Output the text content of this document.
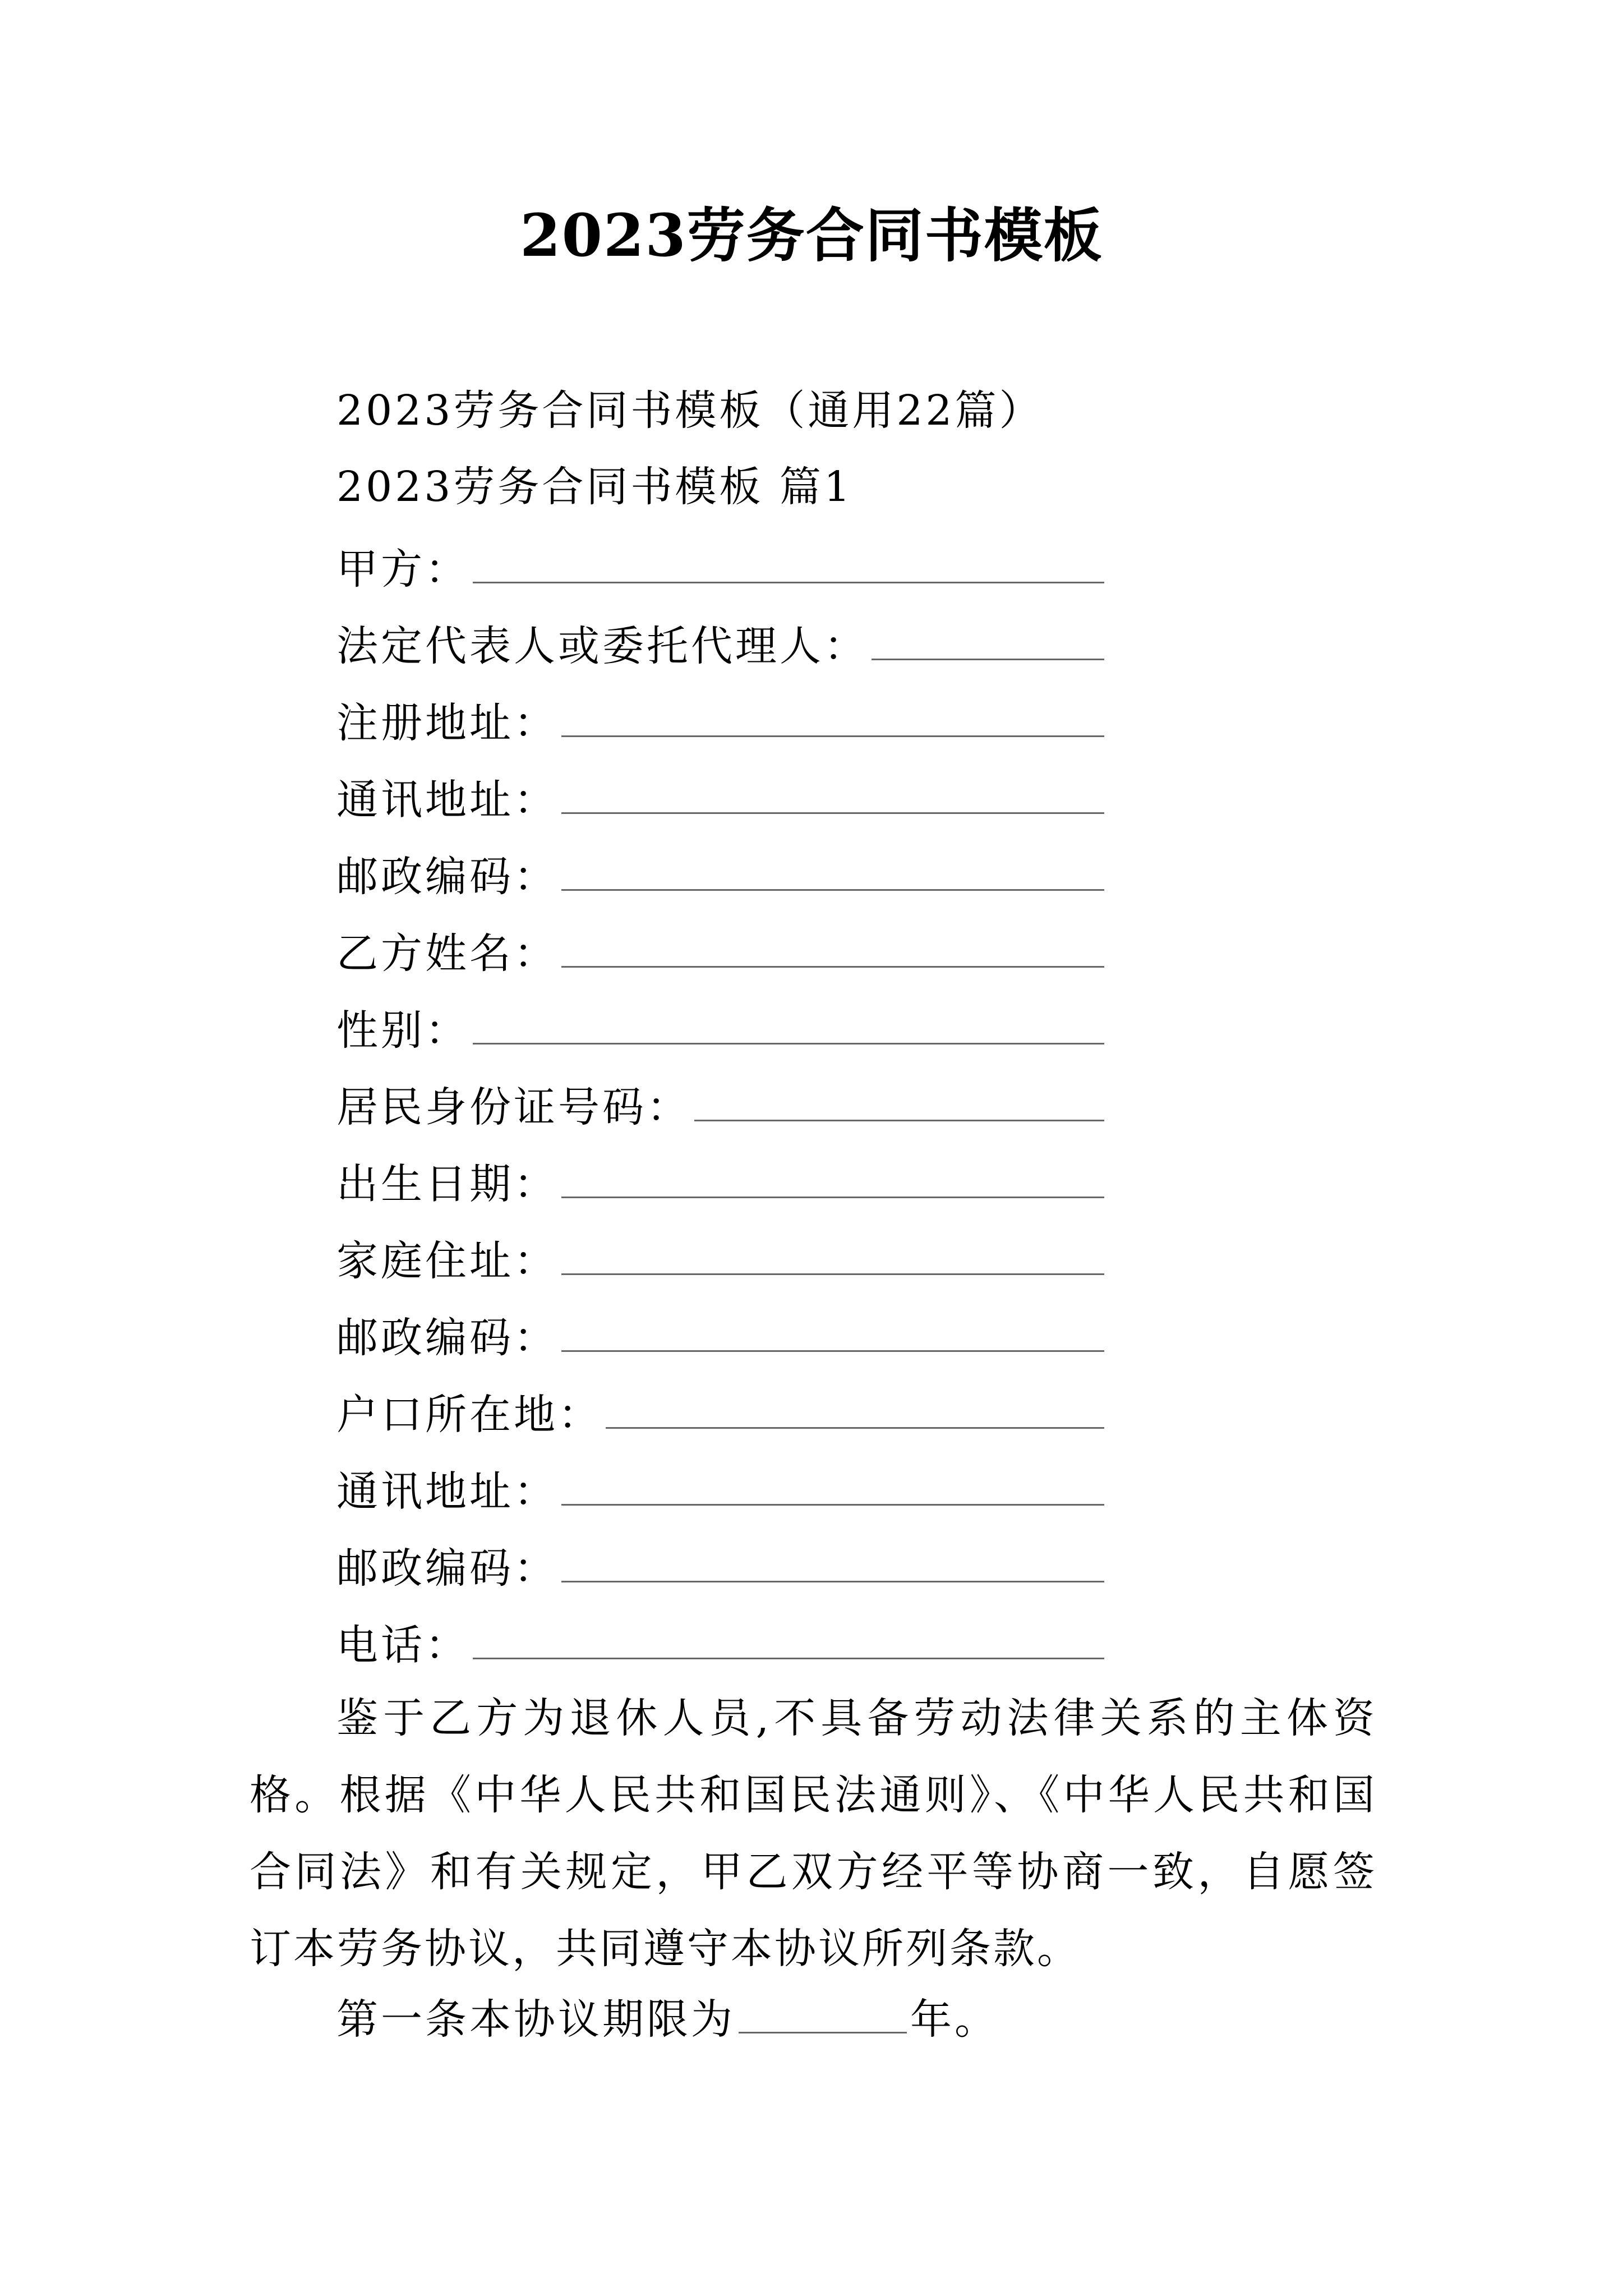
2023劳务合同书模板
2023劳务合同书模板（通用22篇）
2023劳务合同书模板 篇1
甲方：
法定代表人或委托代理人：
注册地址：
通讯地址：
邮政编码：
乙方姓名：
性别：
居民身份证号码：
出生日期：
家庭住址：
邮政编码：
户口所在地：
通讯地址：
邮政编码：
电话：
鉴于乙方为退休人员,不具备劳动法律关系的主体资格。根据《中华人民共和国民法通则》、《中华人民共和国合同法》和有关规定，甲乙双方经平等协商一致，自愿签订本劳务协议，共同遵守本协议所列条款。
第一条本协议期限为	年。
